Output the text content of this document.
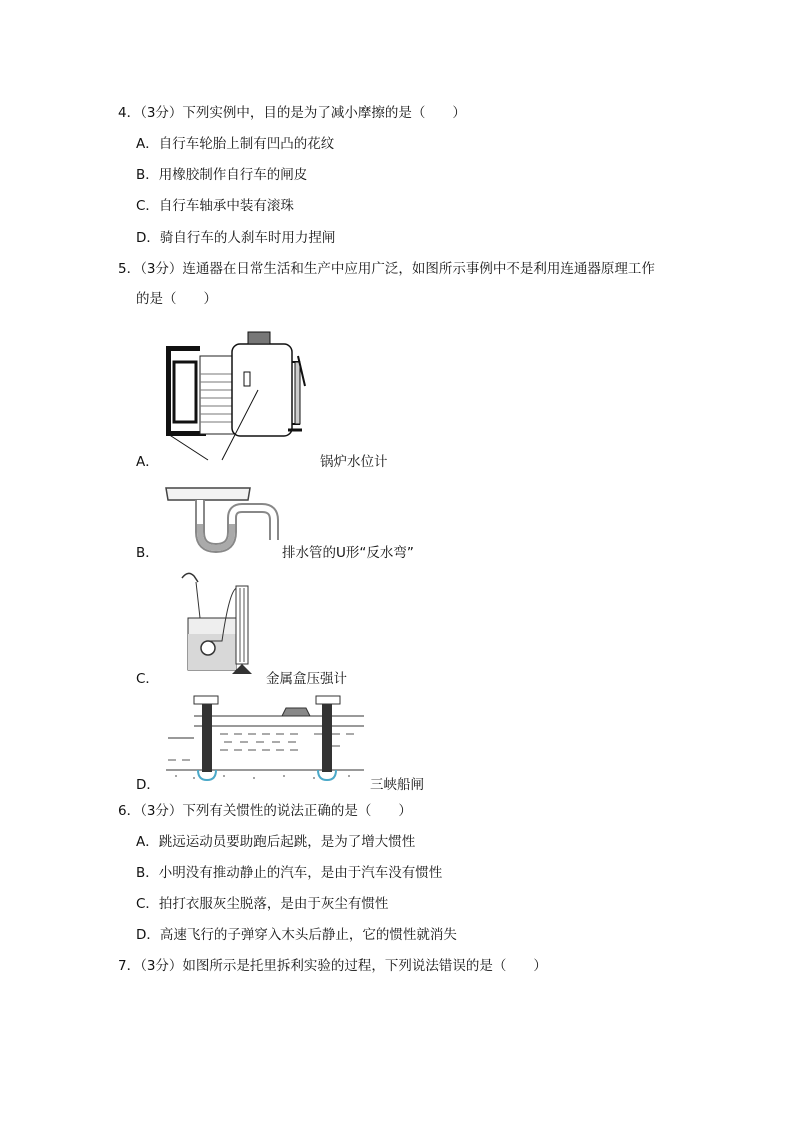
4．（3分）下列实例中，目的是为了减小摩擦的是（　　）
A．自行车轮胎上制有凹凸的花纹
B．用橡胶制作自行车的闸皮
C．自行车轴承中装有滚珠
D．骑自行车的人刹车时用力捏闸
5．（3分）连通器在日常生活和生产中应用广泛，如图所示事例中不是利用连通器原理工作
的是（　　）
A．	锅炉水位计
B．	排水管的U形“反水弯”
C．	金属盒压强计
D．	三峡船闸
6．（3分）下列有关惯性的说法正确的是（　　）
A．跳远运动员要助跑后起跳，是为了增大惯性
B．小明没有推动静止的汽车，是由于汽车没有惯性
C．拍打衣服灰尘脱落，是由于灰尘有惯性
D．高速飞行的子弹穿入木头后静止，它的惯性就消失
7．（3分）如图所示是托里拆利实验的过程，下列说法错误的是（　　）
